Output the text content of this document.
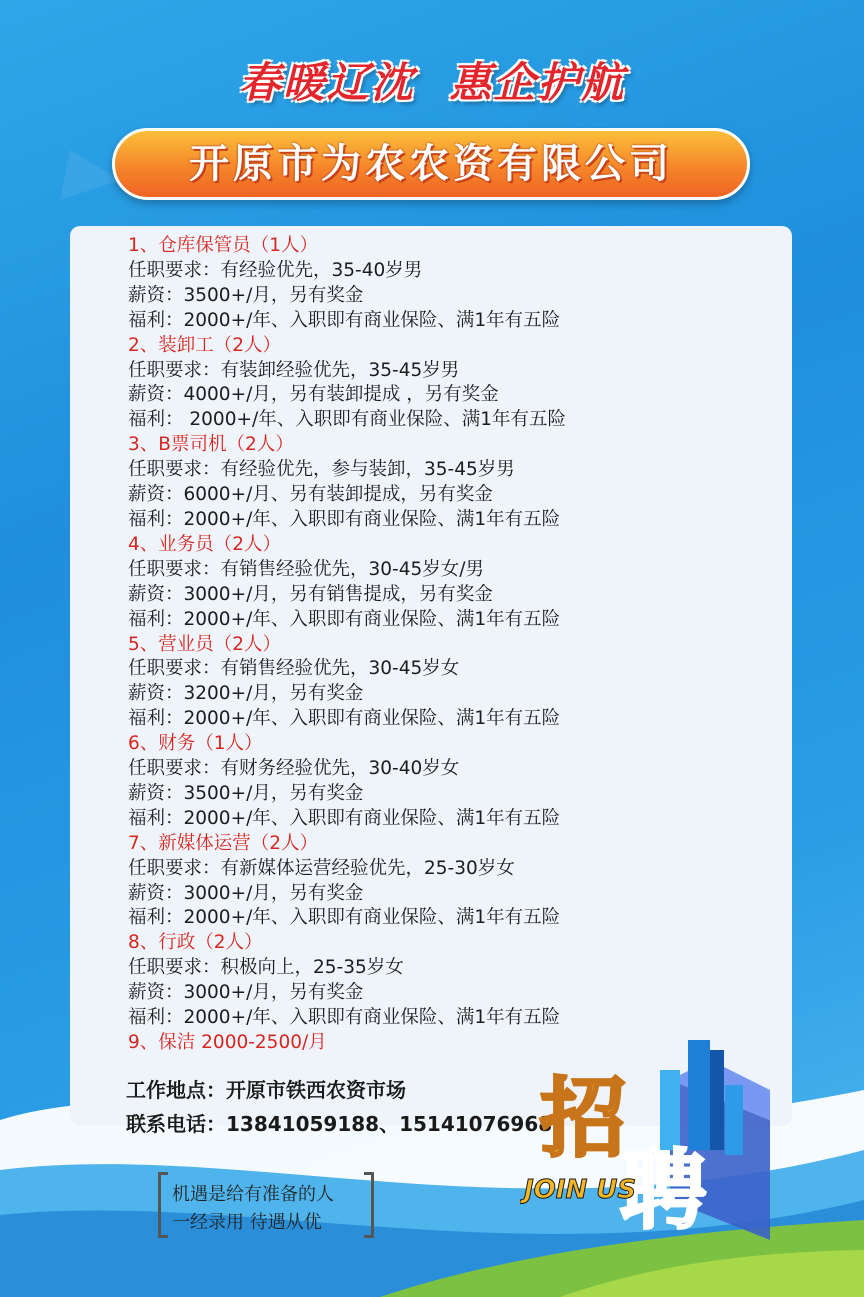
春暖辽沈 惠企护航
开原市为农农资有限公司
1、仓库保管员（1人）
任职要求：有经验优先，35-40岁男
薪资：3500+/月，另有奖金
福利：2000+/年、入职即有商业保险、满1年有五险
2、装卸工（2人）
任职要求：有装卸经验优先，35-45岁男
薪资：4000+/月，另有装卸提成 ，另有奖金
福利： 2000+/年、入职即有商业保险、满1年有五险
3、B票司机（2人）
任职要求：有经验优先，参与装卸，35-45岁男
薪资：6000+/月、另有装卸提成，另有奖金
福利：2000+/年、入职即有商业保险、满1年有五险
4、业务员（2人）
任职要求：有销售经验优先，30-45岁女/男
薪资：3000+/月，另有销售提成，另有奖金
福利：2000+/年、入职即有商业保险、满1年有五险
5、营业员（2人）
任职要求：有销售经验优先，30-45岁女
薪资：3200+/月，另有奖金
福利：2000+/年、入职即有商业保险、满1年有五险
6、财务（1人）
任职要求：有财务经验优先，30-40岁女
薪资：3500+/月，另有奖金
福利：2000+/年、入职即有商业保险、满1年有五险
7、新媒体运营（2人）
任职要求：有新媒体运营经验优先，25-30岁女
薪资：3000+/月，另有奖金
福利：2000+/年、入职即有商业保险、满1年有五险
8、行政（2人）
任职要求：积极向上，25-35岁女
薪资：3000+/月，另有奖金
福利：2000+/年、入职即有商业保险、满1年有五险
9、保洁 2000-2500/月
工作地点：开原市铁西农资市场
联系电话：13841059188、15141076968
机遇是给有准备的人
一经录用 待遇从优
招
聘
JOIN US
